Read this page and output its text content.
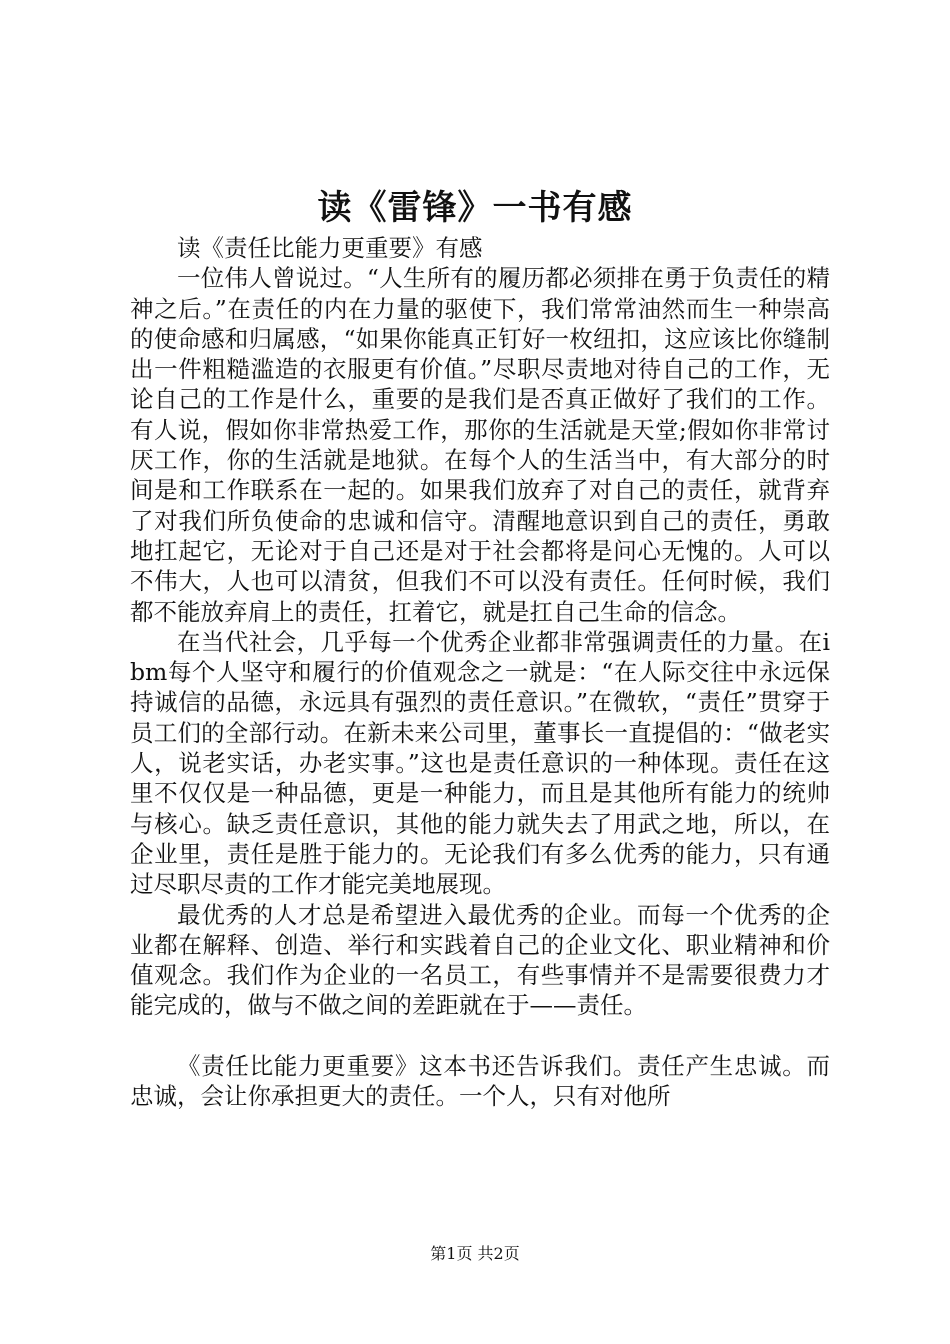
读《雷锋》一书有感

读《责任比能力更重要》有感

一位伟人曾说过。“人生所有的履历都必须排在勇于负责任的精神之后。”在责任的内在力量的驱使下，我们常常油然而生一种崇高的使命感和归属感，“如果你能真正钉好一枚纽扣，这应该比你缝制出一件粗糙滥造的衣服更有价值。”尽职尽责地对待自己的工作，无论自己的工作是什么，重要的是我们是否真正做好了我们的工作。有人说，假如你非常热爱工作，那你的生活就是天堂;假如你非常讨厌工作，你的生活就是地狱。在每个人的生活当中，有大部分的时间是和工作联系在一起的。如果我们放弃了对自己的责任，就背弃了对我们所负使命的忠诚和信守。清醒地意识到自己的责任，勇敢地扛起它，无论对于自己还是对于社会都将是问心无愧的。人可以不伟大，人也可以清贫，但我们不可以没有责任。任何时候，我们都不能放弃肩上的责任，扛着它，就是扛自己生命的信念。

在当代社会，几乎每一个优秀企业都非常强调责任的力量。在ibm每个人坚守和履行的价值观念之一就是：“在人际交往中永远保持诚信的品德，永远具有强烈的责任意识。”在微软，“责任”贯穿于员工们的全部行动。在新未来公司里，董事长一直提倡的：“做老实人，说老实话，办老实事。”这也是责任意识的一种体现。责任在这里不仅仅是一种品德，更是一种能力，而且是其他所有能力的统帅与核心。缺乏责任意识，其他的能力就失去了用武之地，所以，在企业里，责任是胜于能力的。无论我们有多么优秀的能力，只有通过尽职尽责的工作才能完美地展现。

最优秀的人才总是希望进入最优秀的企业。而每一个优秀的企业都在解释、创造、举行和实践着自己的企业文化、职业精神和价值观念。我们作为企业的一名员工，有些事情并不是需要很费力才能完成的，做与不做之间的差距就在于——责任。

《责任比能力更重要》这本书还告诉我们。责任产生忠诚。而忠诚，会让你承担更大的责任。一个人，只有对他所

第1页 共2页
